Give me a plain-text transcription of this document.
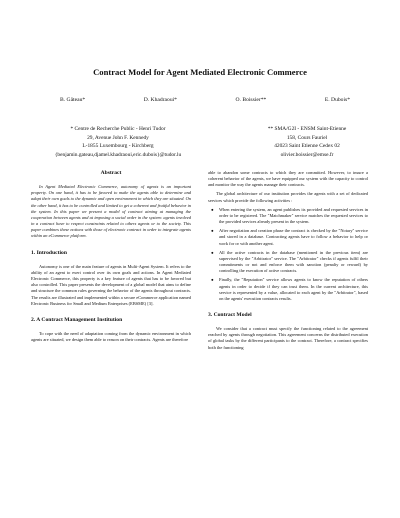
Contract Model for Agent Mediated Electronic Commerce
B. Gâteau*	D. Khadraoui*	O. Boissier**	E. Dubois*
* Centre de Recherche Public - Henri Tudor
29, Avenue John F. Kennedy
L-1855 Luxembourg - Kirchberg
{benjamin.gateau,djamel.khadraoui,eric.dubois}@tudor.lu
** SMA/G2I - ENSM Saint-Etienne
158, Cours Fauriel
42023 Saint Etienne Cedex 02
olivier.boissier@emse.fr
Abstract

In Agent Mediated Electronic Commerce, autonomy of agents is an important property. On one hand, it has to be favored to make the agents able to determine and adapt their own goals to the dynamic and open environment in which they are situated. On the other hand, it has to be controlled and limited to get a coherent and fruitful behavior in the system. In this paper we present a model of contract aiming at managing the cooperation between agents and at imposing a social order in the system: agents involved in a contract have to respect constraints related to others agents or to the society. This paper combines these notions with those of electronic contract in order to integrate agents within an eCommerce platform.

1. Introduction

Autonomy is one of the main feature of agents in Multi-Agent System. It refers to the ability of an agent to exert control over its own goals and actions. In Agent Mediated Electronic Commerce, this property is a key feature of agents that has to be favored but also controlled. This paper presents the development of a global model that aims to define and structure the common rules governing the behavior of the agents throughout contracts. The results are illustrated and implemented within a secure eCommerce application named Electronic Business for Small and Medium Enterprises (EBSME) [3].

2. A Contract Management Institution

To cope with the need of adaptation coming from the dynamic environment in which agents are situated, we design them able to reason on their contracts. Agents are therefore

able to abandon some contracts to which they are committed. However, to insure a coherent behavior of the agents, we have equipped our system with the capacity to control and monitor the way the agents manage their contracts.

The global architecture of our institution provides the agents with a set of dedicated services which provide the following activities :

● When entering the system, an agent publishes its provided and requested services in order to be registered. The "Matchmaker" service matches the requested services to the provided services already present in the system.
● After negotiation and creation phase the contract is checked by the "Notary" service and stored in a database. Contracting agents have to follow a behavior to help or work for or with another agent.
● All the active contracts in the database (mentioned in the previous item) are supervised by the "Arbitrator" service. The "Arbitrator" checks if agents fulfil their commitments or not and enforce them with sanction (penalty or reward) by controlling the execution of active contracts.
● Finally, the "Reputation" service allows agents to know the reputation of others agents in order to decide if they can trust them. In the current architecture, this service is represented by a value, allocated to each agent by the "Arbitrator", based on the agents' execution contracts results.
3. Contract Model

We consider that a contract must specify the functioning related to the agreement reached by agents through negotiation. This agreement concerns the distributed execution of global tasks by the different participants to the contract. Therefore, a contract specifies both the functioning
